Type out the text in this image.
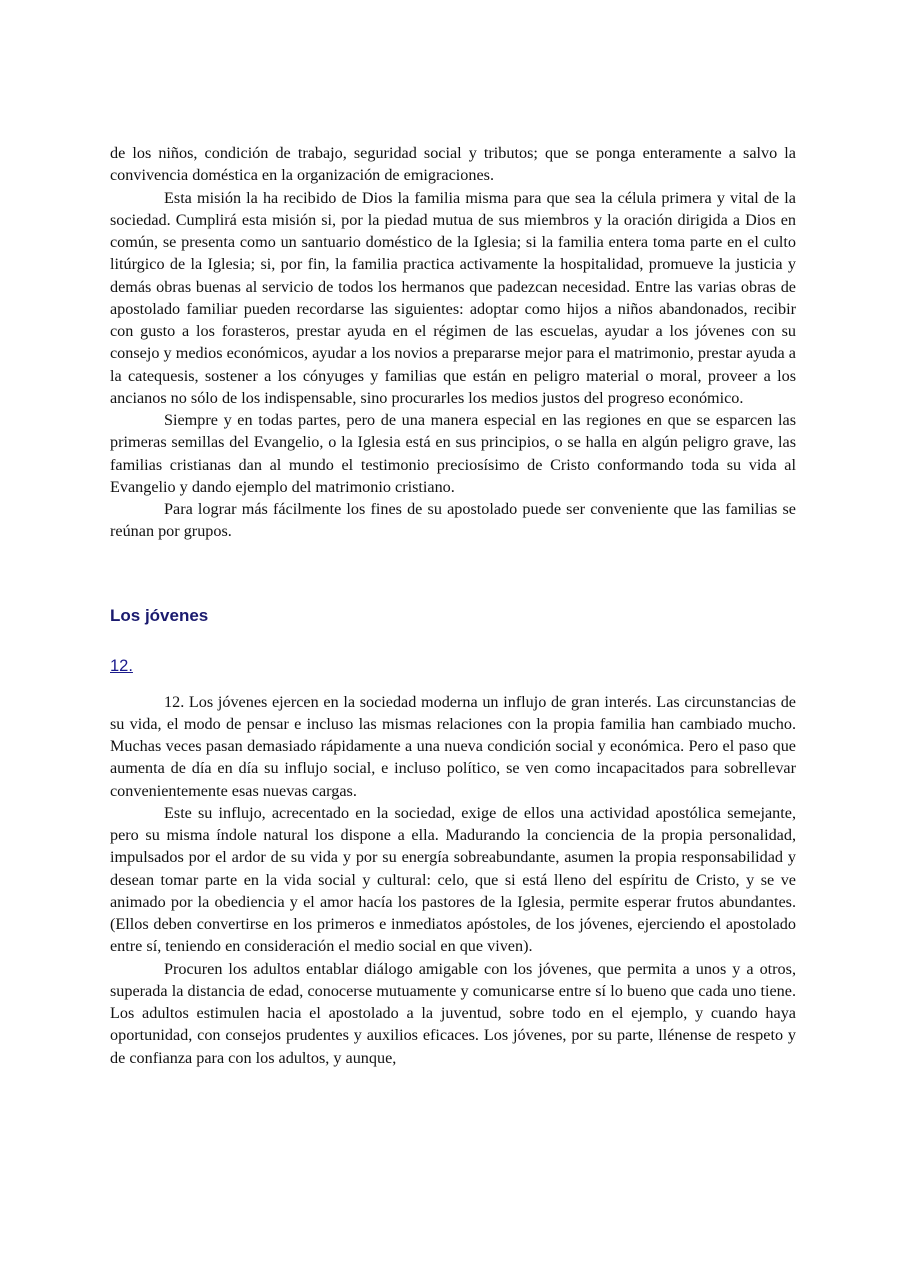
de los niños, condición de trabajo, seguridad social y tributos; que se ponga enteramente a salvo la convivencia doméstica en la organización de emigraciones.

Esta misión la ha recibido de Dios la familia misma para que sea la célula primera y vital de la sociedad. Cumplirá esta misión si, por la piedad mutua de sus miembros y la oración dirigida a Dios en común, se presenta como un santuario doméstico de la Iglesia; si la familia entera toma parte en el culto litúrgico de la Iglesia; si, por fin, la familia practica activamente la hospitalidad, promueve la justicia y demás obras buenas al servicio de todos los hermanos que padezcan necesidad. Entre las varias obras de apostolado familiar pueden recordarse las siguientes: adoptar como hijos a niños abandonados, recibir con gusto a los forasteros, prestar ayuda en el régimen de las escuelas, ayudar a los jóvenes con su consejo y medios económicos, ayudar a los novios a prepararse mejor para el matrimonio, prestar ayuda a la catequesis, sostener a los cónyuges y familias que están en peligro material o moral, proveer a los ancianos no sólo de los indispensable, sino procurarles los medios justos del progreso económico.

Siempre y en todas partes, pero de una manera especial en las regiones en que se esparcen las primeras semillas del Evangelio, o la Iglesia está en sus principios, o se halla en algún peligro grave, las familias cristianas dan al mundo el testimonio preciosísimo de Cristo conformando toda su vida al Evangelio y dando ejemplo del matrimonio cristiano.

Para lograr más fácilmente los fines de su apostolado puede ser conveniente que las familias se reúnan por grupos.

Los jóvenes
12.

12. Los jóvenes ejercen en la sociedad moderna un influjo de gran interés. Las circunstancias de su vida, el modo de pensar e incluso las mismas relaciones con la propia familia han cambiado mucho. Muchas veces pasan demasiado rápidamente a una nueva condición social y económica. Pero el paso que aumenta de día en día su influjo social, e incluso político, se ven como incapacitados para sobrellevar convenientemente esas nuevas cargas.

Este su influjo, acrecentado en la sociedad, exige de ellos una actividad apostólica semejante, pero su misma índole natural los dispone a ella. Madurando la conciencia de la propia personalidad, impulsados por el ardor de su vida y por su energía sobreabundante, asumen la propia responsabilidad y desean tomar parte en la vida social y cultural: celo, que si está lleno del espíritu de Cristo, y se ve animado por la obediencia y el amor hacía los pastores de la Iglesia, permite esperar frutos abundantes. (Ellos deben convertirse en los primeros e inmediatos apóstoles, de los jóvenes, ejerciendo el apostolado entre sí, teniendo en consideración el medio social en que viven).

Procuren los adultos entablar diálogo amigable con los jóvenes, que permita a unos y a otros, superada la distancia de edad, conocerse mutuamente y comunicarse entre sí lo bueno que cada uno tiene. Los adultos estimulen hacia el apostolado a la juventud, sobre todo en el ejemplo, y cuando haya oportunidad, con consejos prudentes y auxilios eficaces. Los jóvenes, por su parte, llénense de respeto y de confianza para con los adultos, y aunque,
